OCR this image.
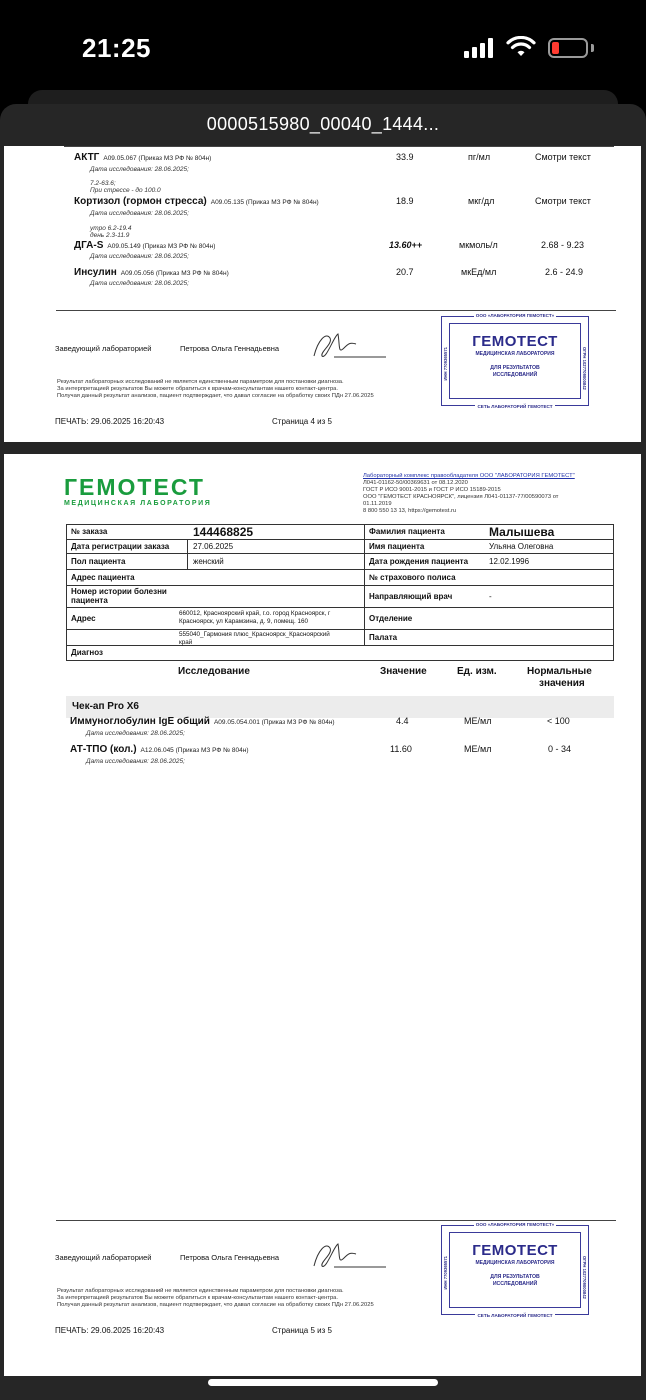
21:25
0000515980_00040_1444...
АКТГ A09.05.067 (Приказ МЗ РФ № 804н)
Дата исследования: 28.06.2025;
7.2-63.6;
При стрессе - до 100.0
33.9	пг/мл	Смотри текст
Кортизол (гормон стресса) A09.05.135 (Приказ МЗ РФ № 804н)
Дата исследования: 28.06.2025;
утро 6.2-19.4
день 2.3-11.9
18.9	мкг/дл	Смотри текст
ДГА-S A09.05.149 (Приказ МЗ РФ № 804н)
Дата исследования: 28.06.2025;
13.60++	мкмоль/л	2.68 - 9.23
Инсулин A09.05.056 (Приказ МЗ РФ № 804н)
Дата исследования: 28.06.2025;
20.7	мкЕд/мл	2.6 - 24.9
Заведующий лабораторией	Петрова Ольга Геннадьевна
Результат лабораторных исследований не является единственным параметром для постановки диагноза.
За интерпретацией результатов Вы можете обратиться к врачам-консультантам нашего контакт-центра.
Получая данный результат анализов, пациент подтверждает, что давал согласие на обработку своих ПДн 27.06.2025
ПЕЧАТЬ: 29.06.2025 16:20:43	Страница 4 из 5
ООО «ЛАБОРАТОРИЯ ГЕМОТЕСТ»
ГЕМОТЕСТ
МЕДИЦИНСКАЯ ЛАБОРАТОРИЯ
ДЛЯ РЕЗУЛЬТАТОВ
ИССЛЕДОВАНИЙ
СЕТЬ ЛАБОРАТОРИЙ ГЕМОТЕСТ
ИНН 7709365571	ОГРН 1027709000842
ГЕМОТЕСТ
МЕДИЦИНСКАЯ ЛАБОРАТОРИЯ
Лабораторный комплекс правообладателя ООО "ЛАБОРАТОРИЯ ГЕМОТЕСТ"
Л041-01162-50/00369631 от 08.12.2020
ГОСТ Р ИСО 9001-2015 и ГОСТ Р ИСО 15189-2015
ООО "ГЕМОТЕСТ КРАСНОЯРСК", лицензия Л041-01137-77/00590073 от
01.11.2019
8 800 550 13 13, https://gemotest.ru
№ заказа	144468825	Фамилия пациента	Малышева
Дата регистрации заказа	27.06.2025	Имя пациента	Ульяна Олеговна
Пол пациента	женский	Дата рождения пациента	12.02.1996
Адрес пациента	№ страхового полиса
Номер истории болезни
пациента	Направляющий врач	-
Адрес
660012, Красноярский край, г.о. город Красноярск, г
Красноярск, ул Карамзина, д. 9, помещ. 160	Отделение
555040_Гармония плюс_Красноярск_Красноярский
край
Палата
Диагноз
Исследование	Значение	Ед. изм.	Нормальные
значения
Чек-ап Pro X6
Иммуноглобулин IgE общий A09.05.054.001 (Приказ МЗ РФ № 804н)
Дата исследования: 28.06.2025;
4.4	МЕ/мл	< 100
АТ-ТПО (кол.) A12.06.045 (Приказ МЗ РФ № 804н)
Дата исследования: 28.06.2025;
11.60	МЕ/мл	0 - 34
Заведующий лабораторией	Петрова Ольга Геннадьевна
Результат лабораторных исследований не является единственным параметром для постановки диагноза.
За интерпретацией результатов Вы можете обратиться к врачам-консультантам нашего контакт-центра.
Получая данный результат анализов, пациент подтверждает, что давал согласие на обработку своих ПДн 27.06.2025
ПЕЧАТЬ: 29.06.2025 16:20:43	Страница 5 из 5
ООО «ЛАБОРАТОРИЯ ГЕМОТЕСТ»
ГЕМОТЕСТ
МЕДИЦИНСКАЯ ЛАБОРАТОРИЯ
ДЛЯ РЕЗУЛЬТАТОВ
ИССЛЕДОВАНИЙ
СЕТЬ ЛАБОРАТОРИЙ ГЕМОТЕСТ
ИНН 7709365571	ОГРН 1027709000842
